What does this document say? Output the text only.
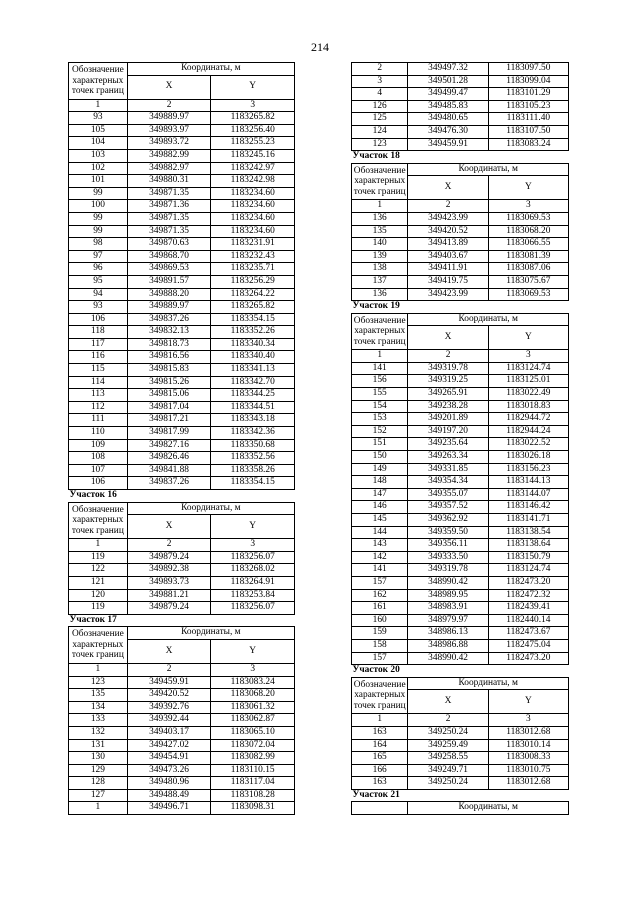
214
Обозначение характерных точек границ	Координаты, м	
	X	Y
1	2	3
93	349889.97	1183265.82
105	349893.97	1183256.40
104	349893.72	1183255.23
103	349882.99	1183245.16
102	349882.97	1183242.97
101	349880.31	1183242.98
99	349871.35	1183234.60
100	349871.36	1183234.60
99	349871.35	1183234.60
99	349871.35	1183234.60
98	349870.63	1183231.91
97	349868.70	1183232.43
96	349869.53	1183235.71
95	349891.57	1183256.29
94	349888.20	1183264.22
93	349889.97	1183265.82
106	349837.26	1183354.15
118	349832.13	1183352.26
117	349818.73	1183340.34
116	349816.56	1183340.40
115	349815.83	1183341.13
114	349815.26	1183342.70
113	349815.06	1183344.25
112	349817.04	1183344.51
111	349817.21	1183343.18
110	349817.99	1183342.36
109	349827.16	1183350.68
108	349826.46	1183352.56
107	349841.88	1183358.26
106	349837.26	1183354.15
Участок 16		
Обозначение характерных точек границ	Координаты, м	
	X	Y
1	2	3
119	349879.24	1183256.07
122	349892.38	1183268.02
121	349893.73	1183264.91
120	349881.21	1183253.84
119	349879.24	1183256.07
Участок 17		
Обозначение характерных точек границ	Координаты, м	
	X	Y
1	2	3
123	349459.91	1183083.24
135	349420.52	1183068.20
134	349392.76	1183061.32
133	349392.44	1183062.87
132	349403.17	1183065.10
131	349427.02	1183072.04
130	349454.91	1183082.99
129	349473.26	1183110.15
128	349480.96	1183117.04
127	349488.49	1183108.28
1	349496.71	1183098.31
2	349497.32	1183097.50
3	349501.28	1183099.04
4	349499.47	1183101.29
126	349485.83	1183105.23
125	349480.65	1183111.40
124	349476.30	1183107.50
123	349459.91	1183083.24
Участок 18		
Обозначение характерных точек границ	Координаты, м	
	X	Y
1	2	3
136	349423.99	1183069.53
135	349420.52	1183068.20
140	349413.89	1183066.55
139	349403.67	1183081.39
138	349411.91	1183087.06
137	349419.75	1183075.67
136	349423.99	1183069.53
Участок 19		
Обозначение характерных точек границ	Координаты, м	
	X	Y
1	2	3
141	349319.78	1183124.74
156	349319.25	1183125.01
155	349265.91	1183022.49
154	349238.28	1183018.83
153	349201.89	1182944.72
152	349197.20	1182944.24
151	349235.64	1183022.52
150	349263.34	1183026.18
149	349331.85	1183156.23
148	349354.34	1183144.13
147	349355.07	1183144.07
146	349357.52	1183146.42
145	349362.92	1183141.71
144	349359.50	1183138.54
143	349356.11	1183138.64
142	349333.50	1183150.79
141	349319.78	1183124.74
157	348990.42	1182473.20
162	348989.95	1182472.32
161	348983.91	1182439.41
160	348979.97	1182440.14
159	348986.13	1182473.67
158	348986.88	1182475.04
157	348990.42	1182473.20
Участок 20		
Обозначение характерных точек границ	Координаты, м	
	X	Y
1	2	3
163	349250.24	1183012.68
164	349259.49	1183010.14
165	349258.55	1183008.33
166	349249.71	1183010.75
163	349250.24	1183012.68
Участок 21		
	Координаты, м	
